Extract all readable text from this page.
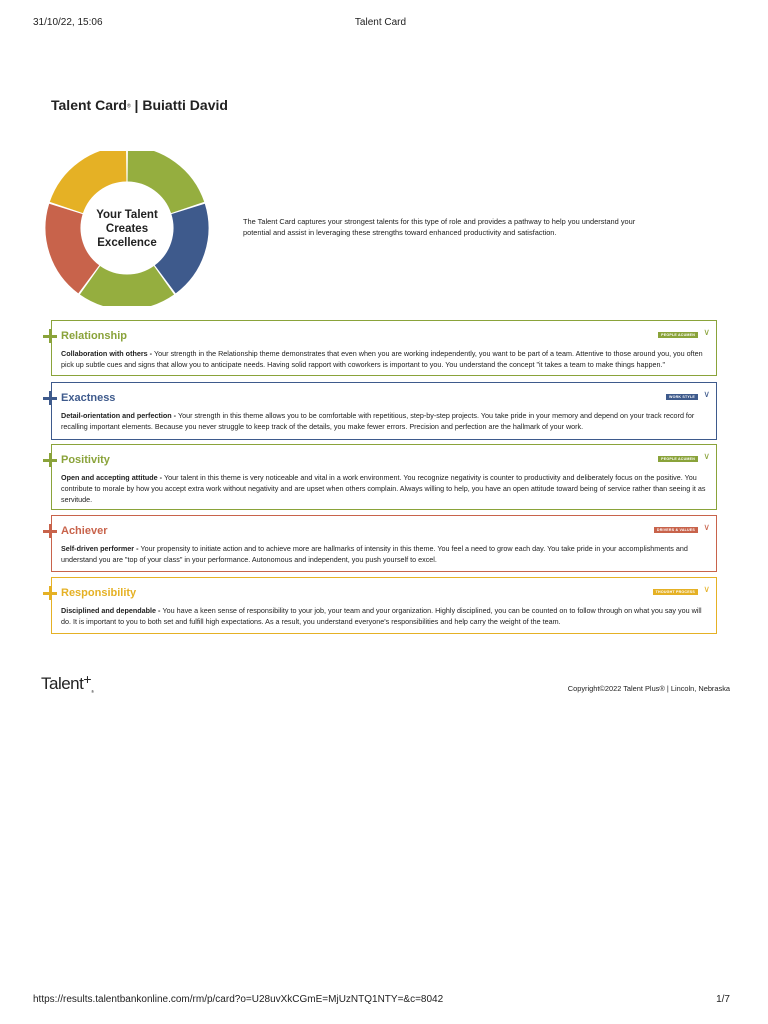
31/10/22, 15:06	Talent Card
Talent Card® | Buiatti David
Your Talent
Creates
Excellence
The Talent Card captures your strongest talents for this type of role and provides a pathway to help you understand your potential and assist in leveraging these strengths toward enhanced productivity and satisfaction.
Relationship	PEOPLE ACUMEN ∨
Collaboration with others - Your strength in the Relationship theme demonstrates that even when you are working independently, you want to be part of a team. Attentive to those around you, you often pick up subtle cues and signs that allow you to anticipate needs. Having solid rapport with coworkers is important to you. You understand the concept "it takes a team to make things happen."
Exactness	WORK STYLE ∨
Detail-orientation and perfection - Your strength in this theme allows you to be comfortable with repetitious, step-by-step projects. You take pride in your memory and depend on your track record for recalling important elements. Because you never struggle to keep track of the details, you make fewer errors. Precision and perfection are the hallmark of your work.
Positivity	PEOPLE ACUMEN ∨
Open and accepting attitude - Your talent in this theme is very noticeable and vital in a work environment. You recognize negativity is counter to productivity and deliberately focus on the positive. You contribute to morale by how you accept extra work without negativity and are upset when others complain. Always willing to help, you have an open attitude toward being of service rather than seeing it as servitude.
Achiever	DRIVERS & VALUES ∨
Self-driven performer - Your propensity to initiate action and to achieve more are hallmarks of intensity in this theme. You feel a need to grow each day. You take pride in your accomplishments and understand you are "top of your class" in your performance. Autonomous and independent, you push yourself to excel.
Responsibility	THOUGHT PROCESS ∨
Disciplined and dependable - You have a keen sense of responsibility to your job, your team and your organization. Highly disciplined, you can be counted on to follow through on what you say you will do. It is important to you to both set and fulfill high expectations. As a result, you understand everyone's responsibilities and help carry the weight of the team.
Talent+®	Copyright©2022 Talent Plus® | Lincoln, Nebraska
https://results.talentbankonline.com/rm/p/card?o=U28uvXkCGmE=MjUzNTQ1NTY=&c=8042	1/7
